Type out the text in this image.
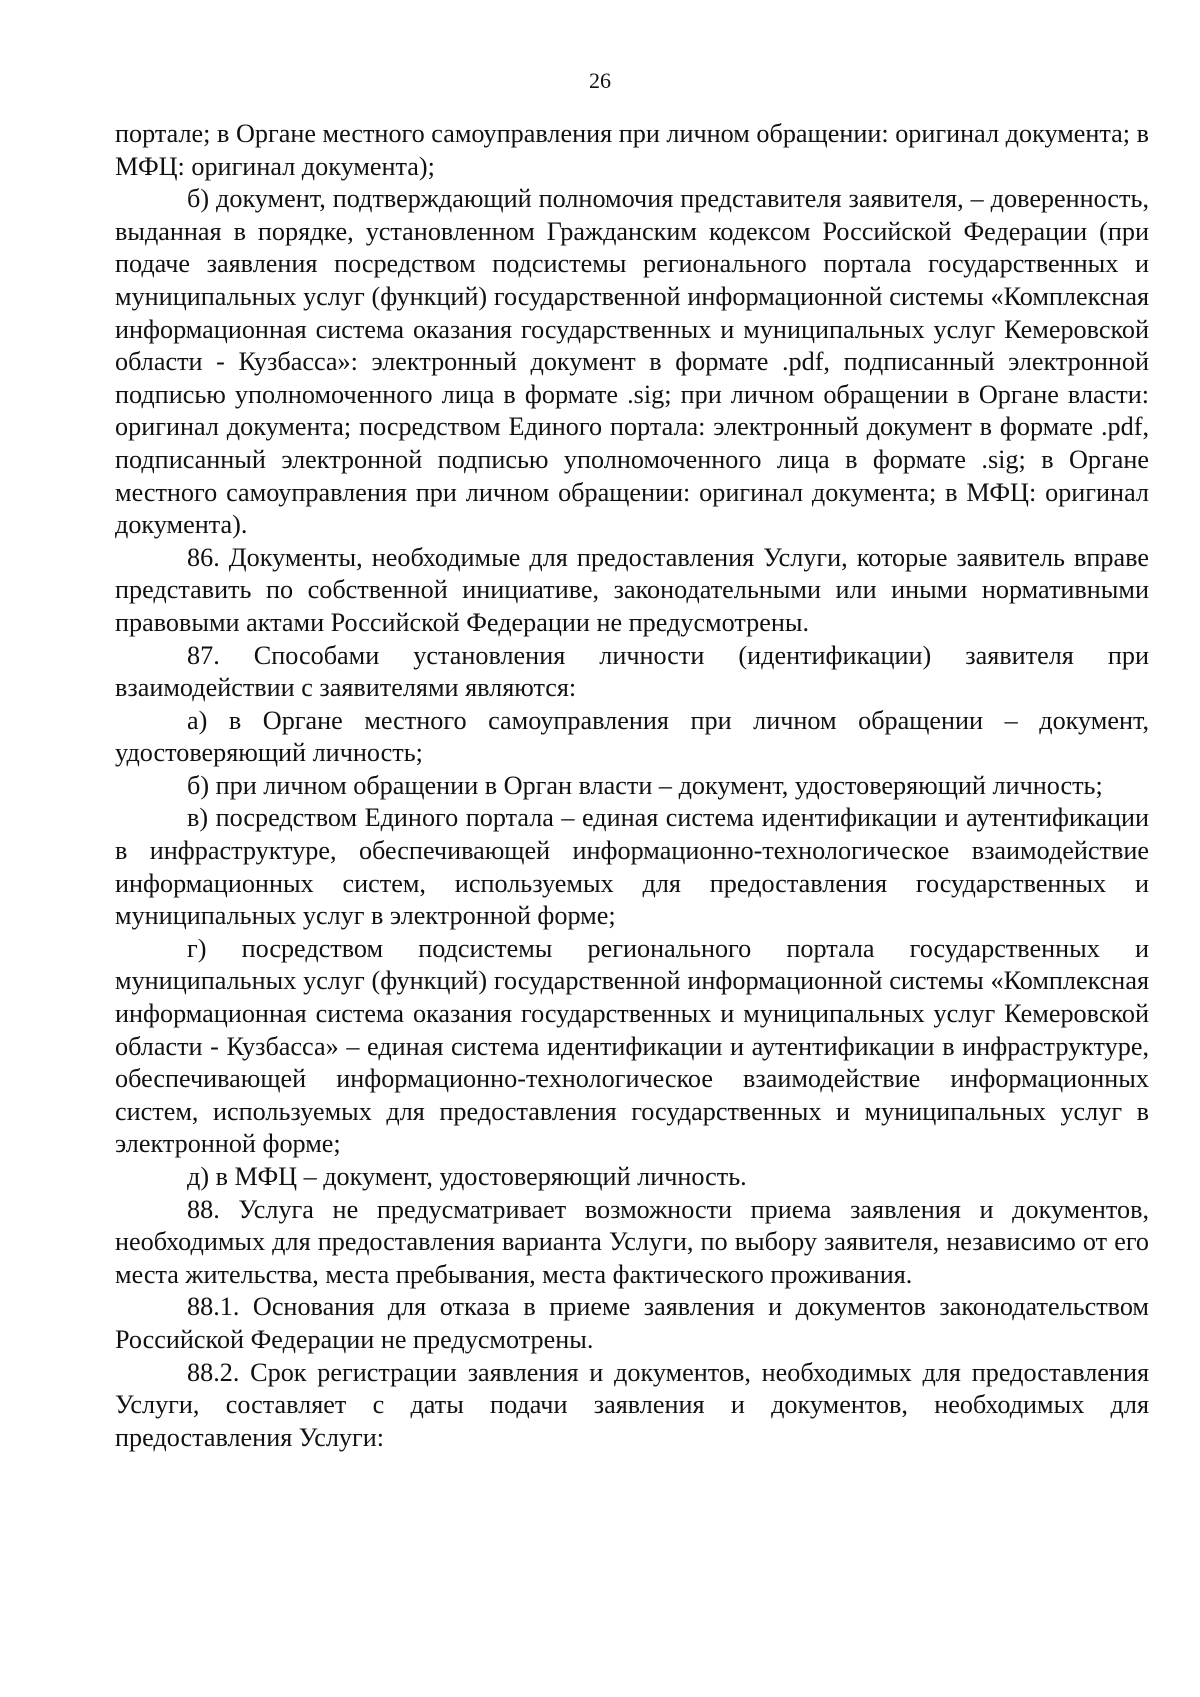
26

портале; в Органе местного самоуправления при личном обращении: оригинал документа; в МФЦ: оригинал документа);

б) документ, подтверждающий полномочия представителя заявителя, – доверенность, выданная в порядке, установленном Гражданским кодексом Российской Федерации (при подаче заявления посредством подсистемы регионального портала государственных и муниципальных услуг (функций) государственной информационной системы «Комплексная информационная система оказания государственных и муниципальных услуг Кемеровской области - Кузбасса»: электронный документ в формате .pdf, подписанный электронной подписью уполномоченного лица в формате .sig; при личном обращении в Органе власти: оригинал документа; посредством Единого портала: электронный документ в формате .pdf, подписанный электронной подписью уполномоченного лица в формате .sig; в Органе местного самоуправления при личном обращении: оригинал документа; в МФЦ: оригинал документа).

86. Документы, необходимые для предоставления Услуги, которые заявитель вправе представить по собственной инициативе, законодательными или иными нормативными правовыми актами Российской Федерации не предусмотрены.

87. Способами установления личности (идентификации) заявителя при взаимодействии с заявителями являются:

а) в Органе местного самоуправления при личном обращении – документ, удостоверяющий личность;

б) при личном обращении в Орган власти – документ, удостоверяющий личность;

в) посредством Единого портала – единая система идентификации и аутентификации в инфраструктуре, обеспечивающей информационно-технологическое взаимодействие информационных систем, используемых для предоставления государственных и муниципальных услуг в электронной форме;

г) посредством подсистемы регионального портала государственных и муниципальных услуг (функций) государственной информационной системы «Комплексная информационная система оказания государственных и муниципальных услуг Кемеровской области - Кузбасса» – единая система идентификации и аутентификации в инфраструктуре, обеспечивающей информационно-технологическое взаимодействие информационных систем, используемых для предоставления государственных и муниципальных услуг в электронной форме;

д) в МФЦ – документ, удостоверяющий личность.

88. Услуга не предусматривает возможности приема заявления и документов, необходимых для предоставления варианта Услуги, по выбору заявителя, независимо от его места жительства, места пребывания, места фактического проживания.

88.1. Основания для отказа в приеме заявления и документов законодательством Российской Федерации не предусмотрены.

88.2. Срок регистрации заявления и документов, необходимых для предоставления Услуги, составляет с даты подачи заявления и документов, необходимых для предоставления Услуги:
